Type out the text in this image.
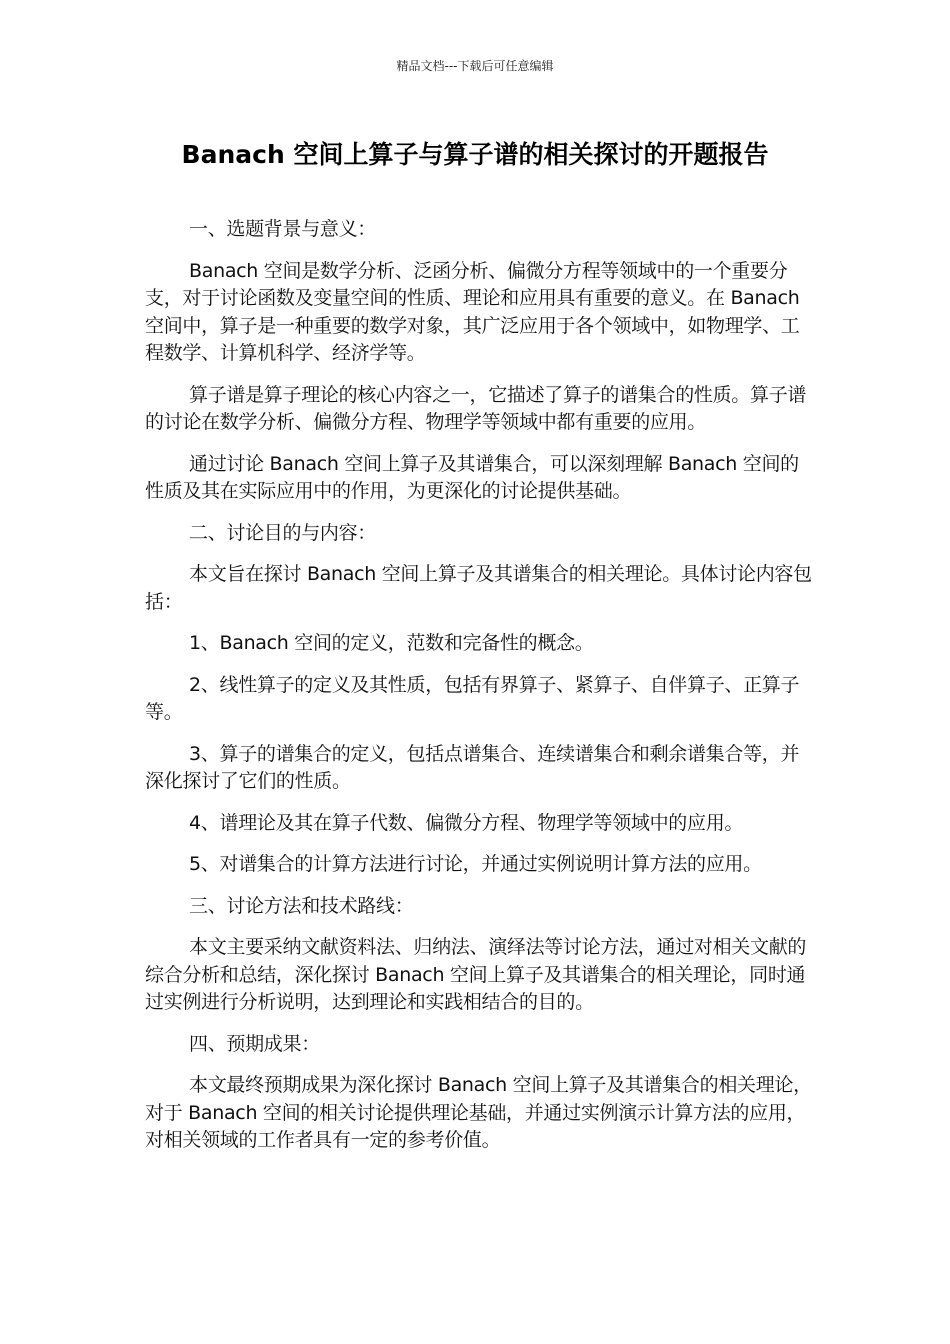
精品文档---下载后可任意编辑
Banach 空间上算子与算子谱的相关探讨的开题报告

一、选题背景与意义：

Banach 空间是数学分析、泛函分析、偏微分方程等领域中的一个重要分支，对于讨论函数及变量空间的性质、理论和应用具有重要的意义。在 Banach 空间中，算子是一种重要的数学对象，其广泛应用于各个领域中，如物理学、工程数学、计算机科学、经济学等。

算子谱是算子理论的核心内容之一，它描述了算子的谱集合的性质。算子谱的讨论在数学分析、偏微分方程、物理学等领域中都有重要的应用。

通过讨论 Banach 空间上算子及其谱集合，可以深刻理解 Banach 空间的性质及其在实际应用中的作用，为更深化的讨论提供基础。

二、讨论目的与内容：

本文旨在探讨 Banach 空间上算子及其谱集合的相关理论。具体讨论内容包括：

1、Banach 空间的定义，范数和完备性的概念。

2、线性算子的定义及其性质，包括有界算子、紧算子、自伴算子、正算子等。

3、算子的谱集合的定义，包括点谱集合、连续谱集合和剩余谱集合等，并深化探讨了它们的性质。

4、谱理论及其在算子代数、偏微分方程、物理学等领域中的应用。

5、对谱集合的计算方法进行讨论，并通过实例说明计算方法的应用。

三、讨论方法和技术路线：

本文主要采纳文献资料法、归纳法、演绎法等讨论方法，通过对相关文献的综合分析和总结，深化探讨 Banach 空间上算子及其谱集合的相关理论，同时通过实例进行分析说明，达到理论和实践相结合的目的。

四、预期成果：

本文最终预期成果为深化探讨 Banach 空间上算子及其谱集合的相关理论，对于 Banach 空间的相关讨论提供理论基础，并通过实例演示计算方法的应用，对相关领域的工作者具有一定的参考价值。
